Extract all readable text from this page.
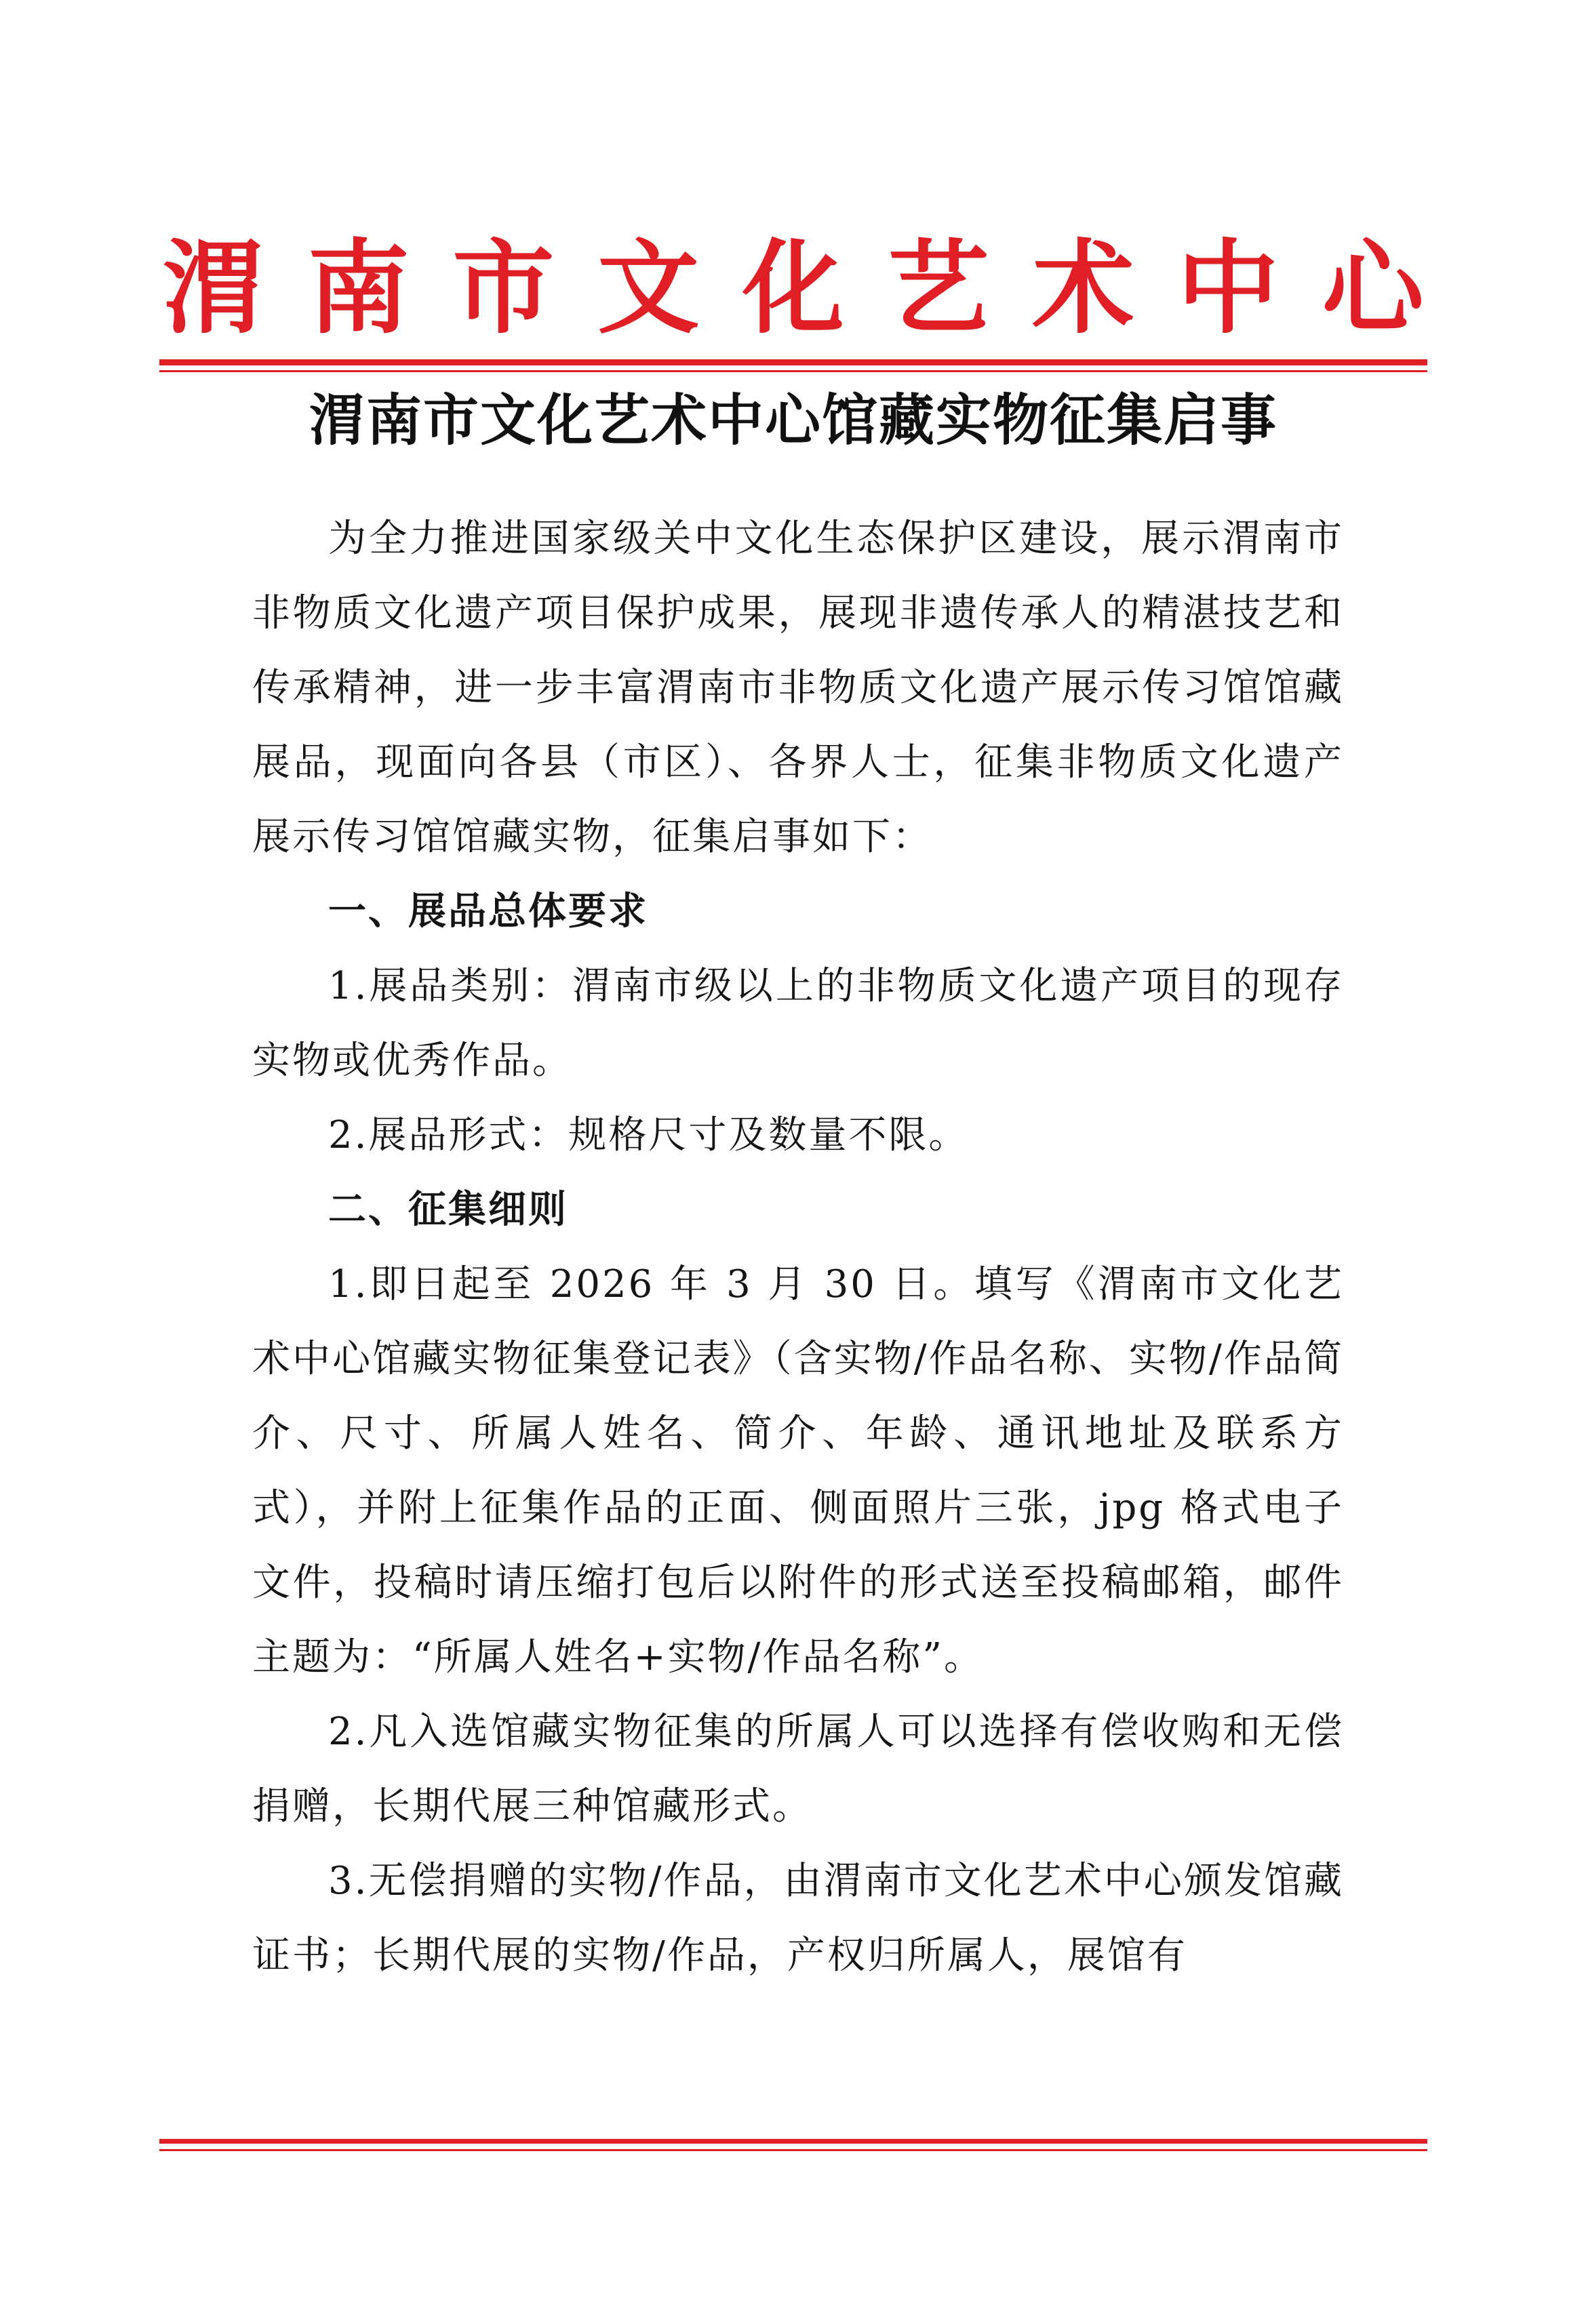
渭 南 市 文 化 艺 术 中 心
渭南市文化艺术中心馆藏实物征集启事

为全力推进国家级关中文化生态保护区建设，展示渭南市非物质文化遗产项目保护成果，展现非遗传承人的精湛技艺和传承精神，进一步丰富渭南市非物质文化遗产展示传习馆馆藏展品，现面向各县（市区）、各界人士，征集非物质文化遗产展示传习馆馆藏实物，征集启事如下：

一、展品总体要求

1.展品类别：渭南市级以上的非物质文化遗产项目的现存实物或优秀作品。

2.展品形式：规格尺寸及数量不限。

二、征集细则

1.即日起至 2026 年 3 月 30 日。填写《渭南市文化艺术中心馆藏实物征集登记表》（含实物/作品名称、实物/作品简介、尺寸、所属人姓名、简介、年龄、通讯地址及联系方式），并附上征集作品的正面、侧面照片三张，jpg 格式电子文件，投稿时请压缩打包后以附件的形式送至投稿邮箱，邮件主题为：“所属人姓名+实物/作品名称”。

2.凡入选馆藏实物征集的所属人可以选择有偿收购和无偿捐赠，长期代展三种馆藏形式。

3.无偿捐赠的实物/作品，由渭南市文化艺术中心颁发馆藏证书；长期代展的实物/作品，产权归所属人，展馆有
